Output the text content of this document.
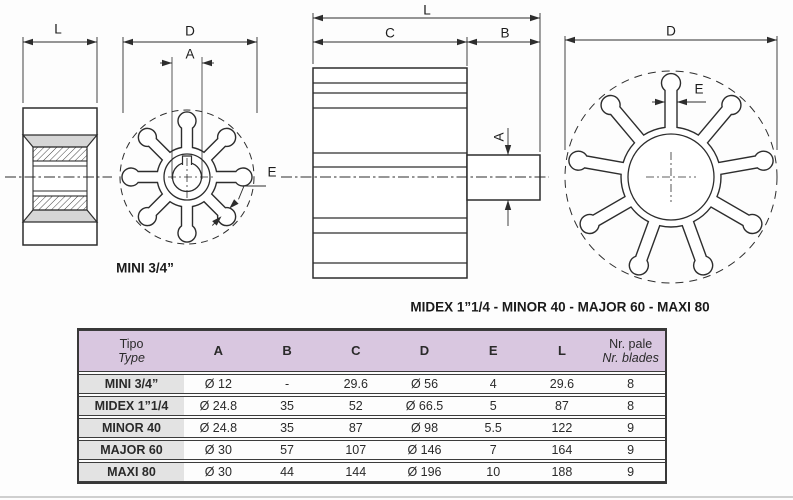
L	D
A
E
L
C	B
A
D
E
MINI 3/4”
MIDEX 1”1/4 - MINOR 40 - MAJOR 60 - MAXI 80
Tipo
Type
A	B	C	D	E	L	Nr. pale
Nr. blades
MINI 3/4”	Ø 12	-	29.6	Ø 56	4	29.6	8
MIDEX 1”1/4	Ø 24.8	35	52	Ø 66.5	5	87	8
MINOR 40	Ø 24.8	35	87	Ø 98	5.5	122	9
MAJOR 60	Ø 30	57	107	Ø 146	7	164	9
MAXI 80	Ø 30	44	144	Ø 196	10	188	9
